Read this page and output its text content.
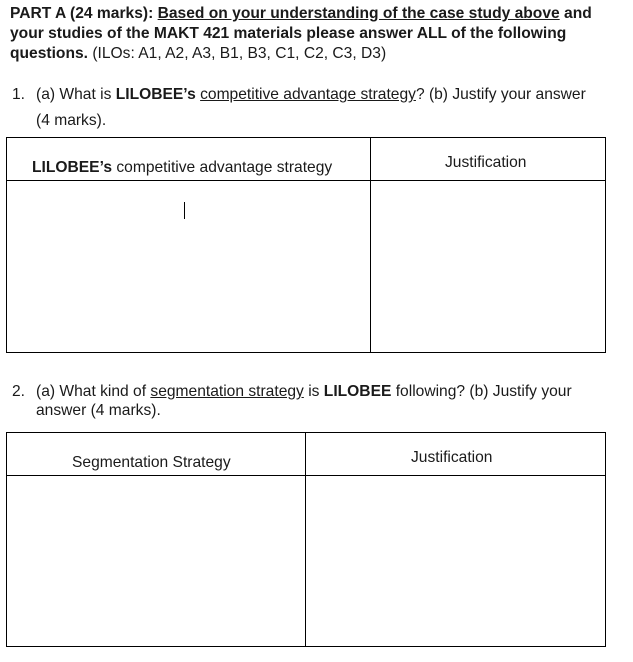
PART A (24 marks): Based on your understanding of the case study above and your studies of the MAKT 421 materials please answer ALL of the following questions. (ILOs: A1, A2, A3, B1, B3, C1, C2, C3, D3)
1. (a) What is LILOBEE’s competitive advantage strategy? (b) Justify your answer
(4 marks).
LILOBEE’s competitive advantage strategy	Justification

2. (a) What kind of segmentation strategy is LILOBEE following? (b) Justify your
answer (4 marks).
Segmentation Strategy	Justification
